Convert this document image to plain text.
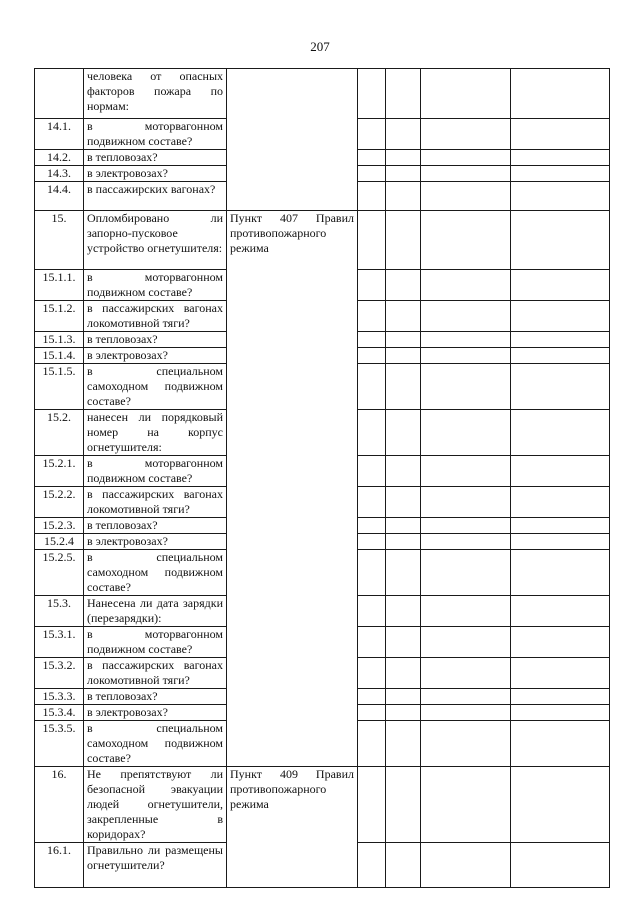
207
	человека от опасных факторов пожара по нормам:					
14.1.	в моторвагонном подвижном составе?					
14.2.	в тепловозах?					
14.3.	в электровозах?					
14.4.	в пассажирских вагонах?					
15.	Опломбировано ли запорно-пусковое устройство огнетушителя:	Пункт 407 Правил противопожарного режима				
15.1.1.	в моторвагонном подвижном составе?					
15.1.2.	в пассажирских вагонах локомотивной тяги?					
15.1.3.	в тепловозах?					
15.1.4.	в электровозах?					
15.1.5.	в специальном самоходном подвижном составе?					
15.2.	нанесен ли порядковый номер на корпус огнетушителя:					
15.2.1.	в моторвагонном подвижном составе?					
15.2.2.	в пассажирских вагонах локомотивной тяги?					
15.2.3.	в тепловозах?					
15.2.4	в электровозах?					
15.2.5.	в специальном самоходном подвижном составе?					
15.3.	Нанесена ли дата зарядки (перезарядки):					
15.3.1.	в моторвагонном подвижном составе?					
15.3.2.	в пассажирских вагонах локомотивной тяги?					
15.3.3.	в тепловозах?					
15.3.4.	в электровозах?					
15.3.5.	в специальном самоходном подвижном составе?					
16.	Не препятствуют ли безопасной эвакуации людей огнетушители, закрепленные в коридорах?	Пункт 409 Правил противопожарного режима				
16.1.	Правильно ли размещены огнетушители?					
